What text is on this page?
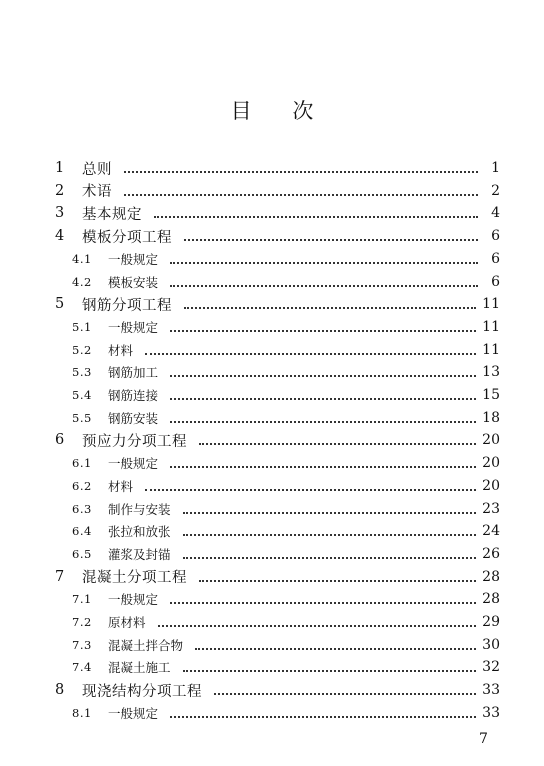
目 次
1	总则	1
2	术语	2
3	基本规定	4
4	模板分项工程	6
4.1	一般规定	6
4.2	模板安装	6
5	钢筋分项工程	11
5.1	一般规定	11
5.2	材料	11
5.3	钢筋加工	13
5.4	钢筋连接	15
5.5	钢筋安装	18
6	预应力分项工程	20
6.1	一般规定	20
6.2	材料	20
6.3	制作与安装	23
6.4	张拉和放张	24
6.5	灌浆及封锚	26
7	混凝土分项工程	28
7.1	一般规定	28
7.2	原材料	29
7.3	混凝土拌合物	30
7.4	混凝土施工	32
8	现浇结构分项工程	33
8.1	一般规定	33
7
